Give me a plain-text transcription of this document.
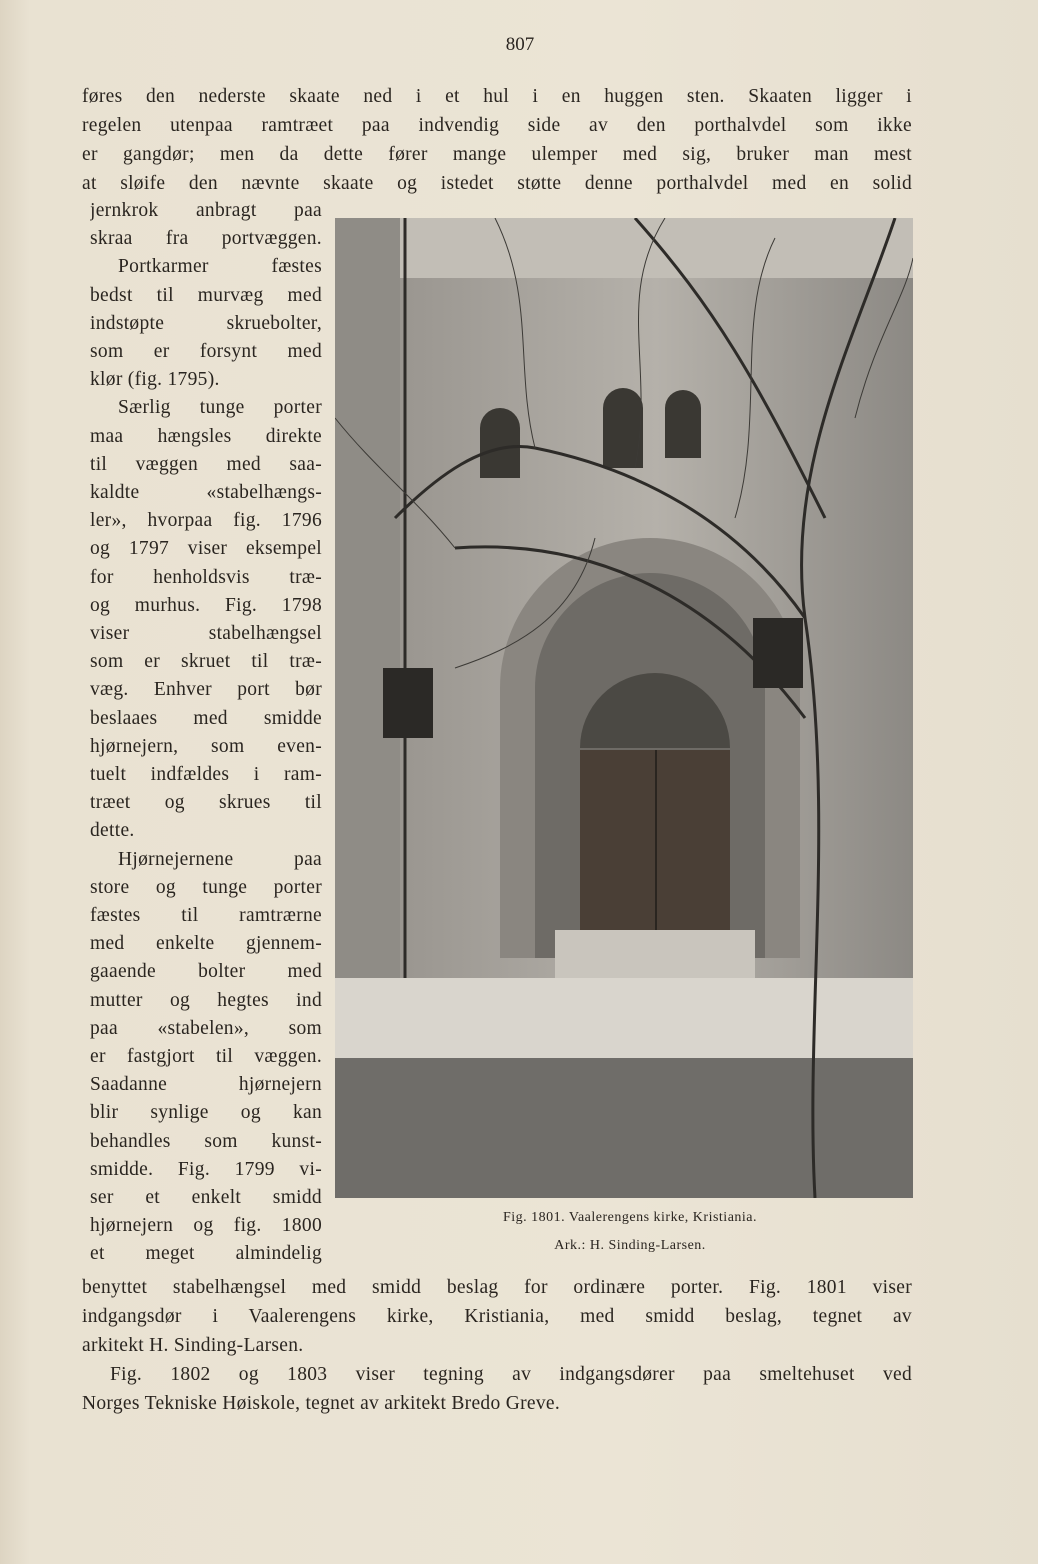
807
føres den nederste skaate ned i et hul i en huggen sten. Skaaten ligger i
regelen utenpaa ramtræet paa indvendig side av den porthalvdel som ikke
er gangdør; men da dette fører mange ulemper med sig, bruker man mest
at sløife den nævnte skaate og istedet støtte denne porthalvdel med en solid
jernkrok anbragt paa
skraa fra portvæggen.
Portkarmer fæstes
bedst til murvæg med
indstøpte skruebolter,
som er forsynt med
klør (fig. 1795).
Særlig tunge porter
maa hængsles direkte
til væggen med saa-
kaldte «stabelhængs-
ler», hvorpaa fig. 1796
og 1797 viser eksempel
for henholdsvis træ-
og murhus. Fig. 1798
viser stabelhængsel
som er skruet til træ-
væg. Enhver port bør
beslaaes med smidde
hjørnejern, som even-
tuelt indfældes i ram-
træet og skrues til
dette.
Hjørnejernene paa
store og tunge porter
fæstes til ramtrærne
med enkelte gjennem-
gaaende bolter med
mutter og hegtes ind
paa «stabelen», som
er fastgjort til væggen.
Saadanne hjørnejern
blir synlige og kan
behandles som kunst-
smidde. Fig. 1799 vi-
ser et enkelt smidd
hjørnejern og fig. 1800
et meget almindelig
benyttet stabelhængsel med smidd beslag for ordinære porter. Fig. 1801 viser
indgangsdør i Vaalerengens kirke, Kristiania, med smidd beslag, tegnet av
arkitekt H. Sinding-Larsen.
Fig. 1802 og 1803 viser tegning av indgangsdører paa smeltehuset ved
Norges Tekniske Høiskole, tegnet av arkitekt Bredo Greve.
Fig. 1801. Vaalerengens kirke, Kristiania.
Ark.: H. Sinding-Larsen.
